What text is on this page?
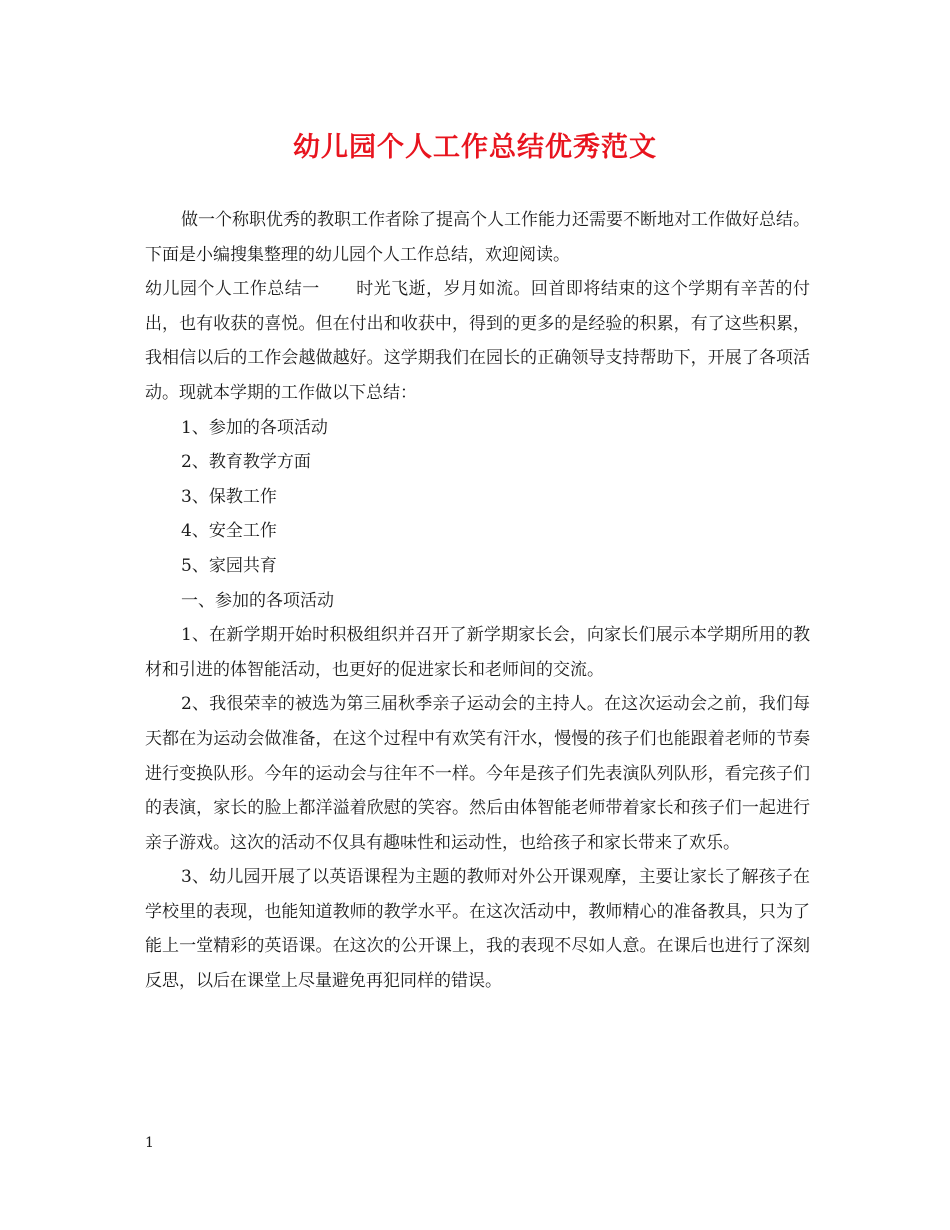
幼儿园个人工作总结优秀范文

做一个称职优秀的教职工作者除了提高个人工作能力还需要不断地对工作做好总结。下面是小编搜集整理的幼儿园个人工作总结，欢迎阅读。

幼儿园个人工作总结一 时光飞逝，岁月如流。回首即将结束的这个学期有辛苦的付出，也有收获的喜悦。但在付出和收获中，得到的更多的是经验的积累，有了这些积累，我相信以后的工作会越做越好。这学期我们在园长的正确领导支持帮助下，开展了各项活动。现就本学期的工作做以下总结：

1、参加的各项活动

2、教育教学方面

3、保教工作

4、安全工作

5、家园共育

一、参加的各项活动

1、在新学期开始时积极组织并召开了新学期家长会，向家长们展示本学期所用的教材和引进的体智能活动，也更好的促进家长和老师间的交流。

2、我很荣幸的被选为第三届秋季亲子运动会的主持人。在这次运动会之前，我们每天都在为运动会做准备，在这个过程中有欢笑有汗水，慢慢的孩子们也能跟着老师的节奏进行变换队形。今年的运动会与往年不一样。今年是孩子们先表演队列队形，看完孩子们的表演，家长的脸上都洋溢着欣慰的笑容。然后由体智能老师带着家长和孩子们一起进行亲子游戏。这次的活动不仅具有趣味性和运动性，也给孩子和家长带来了欢乐。

3、幼儿园开展了以英语课程为主题的教师对外公开课观摩，主要让家长了解孩子在学校里的表现，也能知道教师的教学水平。在这次活动中，教师精心的准备教具，只为了能上一堂精彩的英语课。在这次的公开课上，我的表现不尽如人意。在课后也进行了深刻反思，以后在课堂上尽量避免再犯同样的错误。

1
